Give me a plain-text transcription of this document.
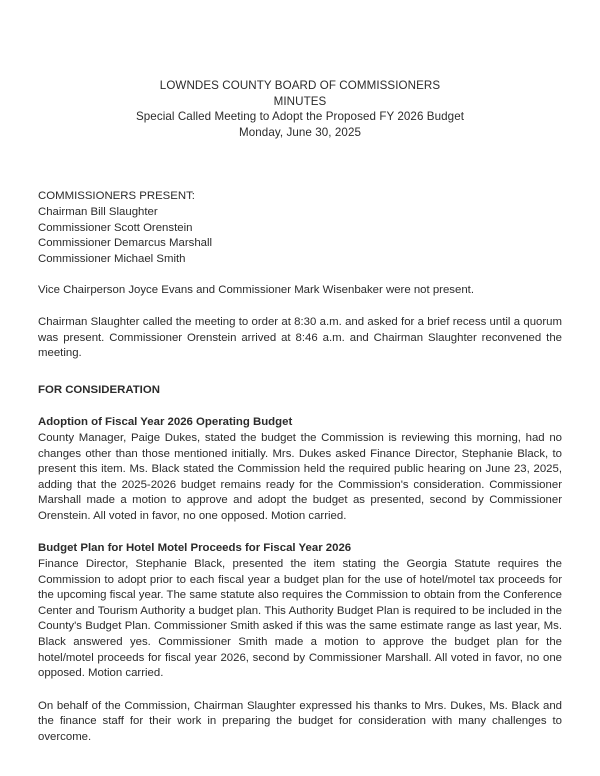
LOWNDES COUNTY BOARD OF COMMISSIONERS
MINUTES
Special Called Meeting to Adopt the Proposed FY 2026 Budget
Monday, June 30, 2025
COMMISSIONERS PRESENT:
Chairman Bill Slaughter
Commissioner Scott Orenstein
Commissioner Demarcus Marshall
Commissioner Michael Smith
Vice Chairperson Joyce Evans and Commissioner Mark Wisenbaker were not present.
Chairman Slaughter called the meeting to order at 8:30 a.m. and asked for a brief recess until a quorum was present. Commissioner Orenstein arrived at 8:46 a.m. and Chairman Slaughter reconvened the meeting.
FOR CONSIDERATION
Adoption of Fiscal Year 2026 Operating Budget
County Manager, Paige Dukes, stated the budget the Commission is reviewing this morning, had no changes other than those mentioned initially. Mrs. Dukes asked Finance Director, Stephanie Black, to present this item. Ms. Black stated the Commission held the required public hearing on June 23, 2025, adding that the 2025-2026 budget remains ready for the Commission's consideration. Commissioner Marshall made a motion to approve and adopt the budget as presented, second by Commissioner Orenstein. All voted in favor, no one opposed. Motion carried.
Budget Plan for Hotel Motel Proceeds for Fiscal Year 2026
Finance Director, Stephanie Black, presented the item stating the Georgia Statute requires the Commission to adopt prior to each fiscal year a budget plan for the use of hotel/motel tax proceeds for the upcoming fiscal year. The same statute also requires the Commission to obtain from the Conference Center and Tourism Authority a budget plan. This Authority Budget Plan is required to be included in the County's Budget Plan. Commissioner Smith asked if this was the same estimate range as last year, Ms. Black answered yes. Commissioner Smith made a motion to approve the budget plan for the hotel/motel proceeds for fiscal year 2026, second by Commissioner Marshall. All voted in favor, no one opposed. Motion carried.
On behalf of the Commission, Chairman Slaughter expressed his thanks to Mrs. Dukes, Ms. Black and the finance staff for their work in preparing the budget for consideration with many challenges to overcome.
